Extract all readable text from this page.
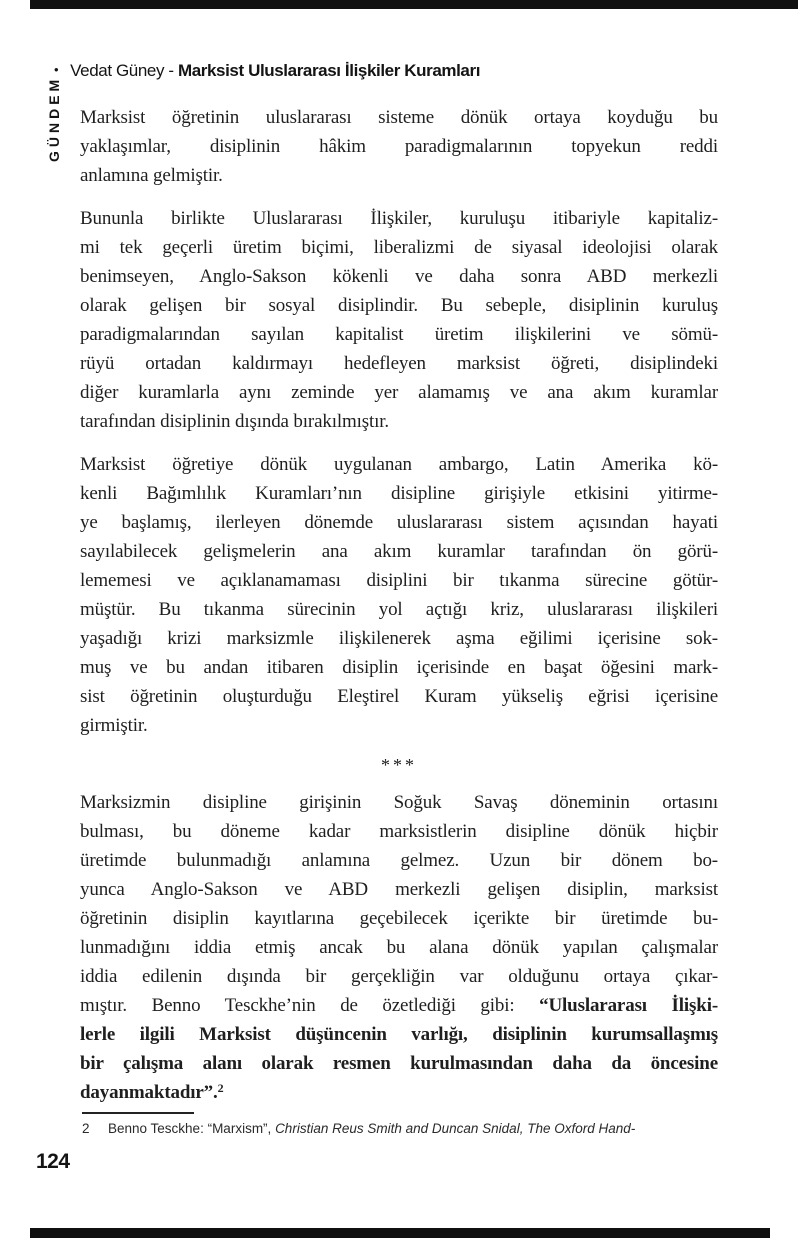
• Vedat Güney - Marksist Uluslararası İlişkiler Kuramları
GÜNDEM Marksist öğretinin uluslararası sisteme dönük ortaya koyduğu bu
yaklaşımlar, disiplinin hâkim paradigmalarının topyekun reddi
anlamına gelmiştir.
Bununla birlikte Uluslararası İlişkiler, kuruluşu itibariyle kapitaliz-
mi tek geçerli üretim biçimi, liberalizmi de siyasal ideolojisi olarak
benimseyen, Anglo-Sakson kökenli ve daha sonra ABD merkezli
olarak gelişen bir sosyal disiplindir. Bu sebeple, disiplinin kuruluş
paradigmalarından sayılan kapitalist üretim ilişkilerini ve sömü-
rüyü ortadan kaldırmayı hedefleyen marksist öğreti, disiplindeki
diğer kuramlarla aynı zeminde yer alamamış ve ana akım kuramlar
tarafından disiplinin dışında bırakılmıştır.
Marksist öğretiye dönük uygulanan ambargo, Latin Amerika kö-
kenli Bağımlılık Kuramları’nın disipline girişiyle etkisini yitirme-
ye başlamış, ilerleyen dönemde uluslararası sistem açısından hayati
sayılabilecek gelişmelerin ana akım kuramlar tarafından ön görü-
lememesi ve açıklanamaması disiplini bir tıkanma sürecine götür-
müştür. Bu tıkanma sürecinin yol açtığı kriz, uluslararası ilişkileri
yaşadığı krizi marksizmle ilişkilenerek aşma eğilimi içerisine sok-
muş ve bu andan itibaren disiplin içerisinde en başat öğesini mark-
sist öğretinin oluşturduğu Eleştirel Kuram yükseliş eğrisi içerisine
girmiştir.
***
Marksizmin disipline girişinin Soğuk Savaş döneminin ortasını
bulması, bu döneme kadar marksistlerin disipline dönük hiçbir
üretimde bulunmadığı anlamına gelmez. Uzun bir dönem bo-
yunca Anglo-Sakson ve ABD merkezli gelişen disiplin, marksist
öğretinin disiplin kayıtlarına geçebilecek içerikte bir üretimde bu-
lunmadığını iddia etmiş ancak bu alana dönük yapılan çalışmalar
iddia edilenin dışında bir gerçekliğin var olduğunu ortaya çıkar-
mıştır. Benno Tesckhe’nin de özetlediği gibi: “Uluslararası İlişki-
lerle ilgili Marksist düşüncenin varlığı, disiplinin kurumsallaşmış
bir çalışma alanı olarak resmen kurulmasından daha da öncesine
dayanmaktadır”.$^2$
2 Benno Tesckhe: “Marxism”, Christian Reus Smith and Duncan Snidal, The Oxford Hand-
124
